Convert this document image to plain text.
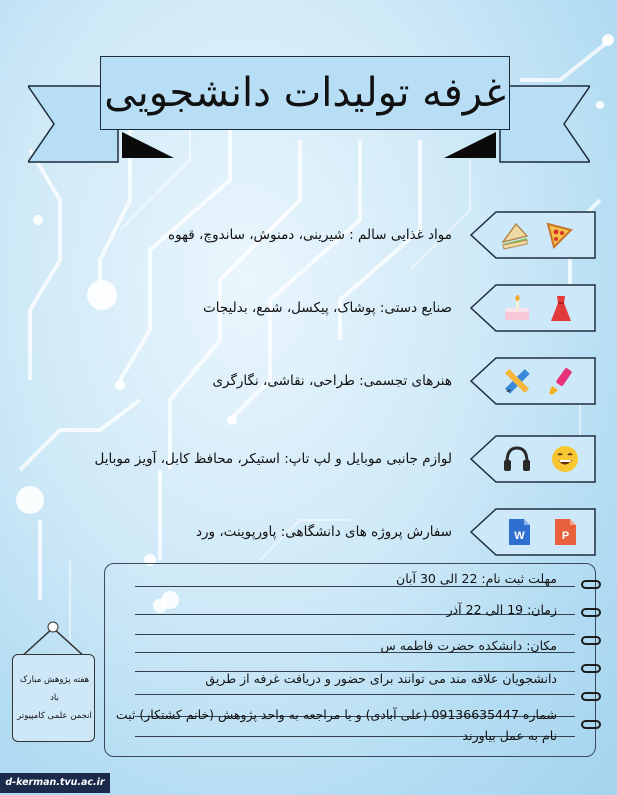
غرفه تولیدات دانشجویی
مواد غذایی سالم : شیرینی، دمنوش، ساندوچ، قهوه
صنایع دستی: پوشاک، پیکسل، شمع، بدلیجات
هنرهای تجسمی: طراحی، نقاشی، نگارگری
لوازم جانبی موبایل و لپ تاپ: استیکر، محافظ کابل، آویز موبایل
سفارش پروژه های دانشگاهی: پاورپوینت، ورد	P
W
مهلت ثبت نام: 22 الی 30 آبان
زمان: 19 الی 22 آذر
مکان: دانشکده حضرت فاطمه س
دانشجویان علاقه مند می توانند برای حضور و دریافت غرفه از طریق
شماره 09136635447 (علی آبادی) و یا مراجعه به واحد پژوهش (خانم کشتکار) ثبت
نام به عمل بیاورند
هفته پژوهش مبارک
باد
انجمن علمی کامپیوتر
d-kerman.tvu.ac.ir
